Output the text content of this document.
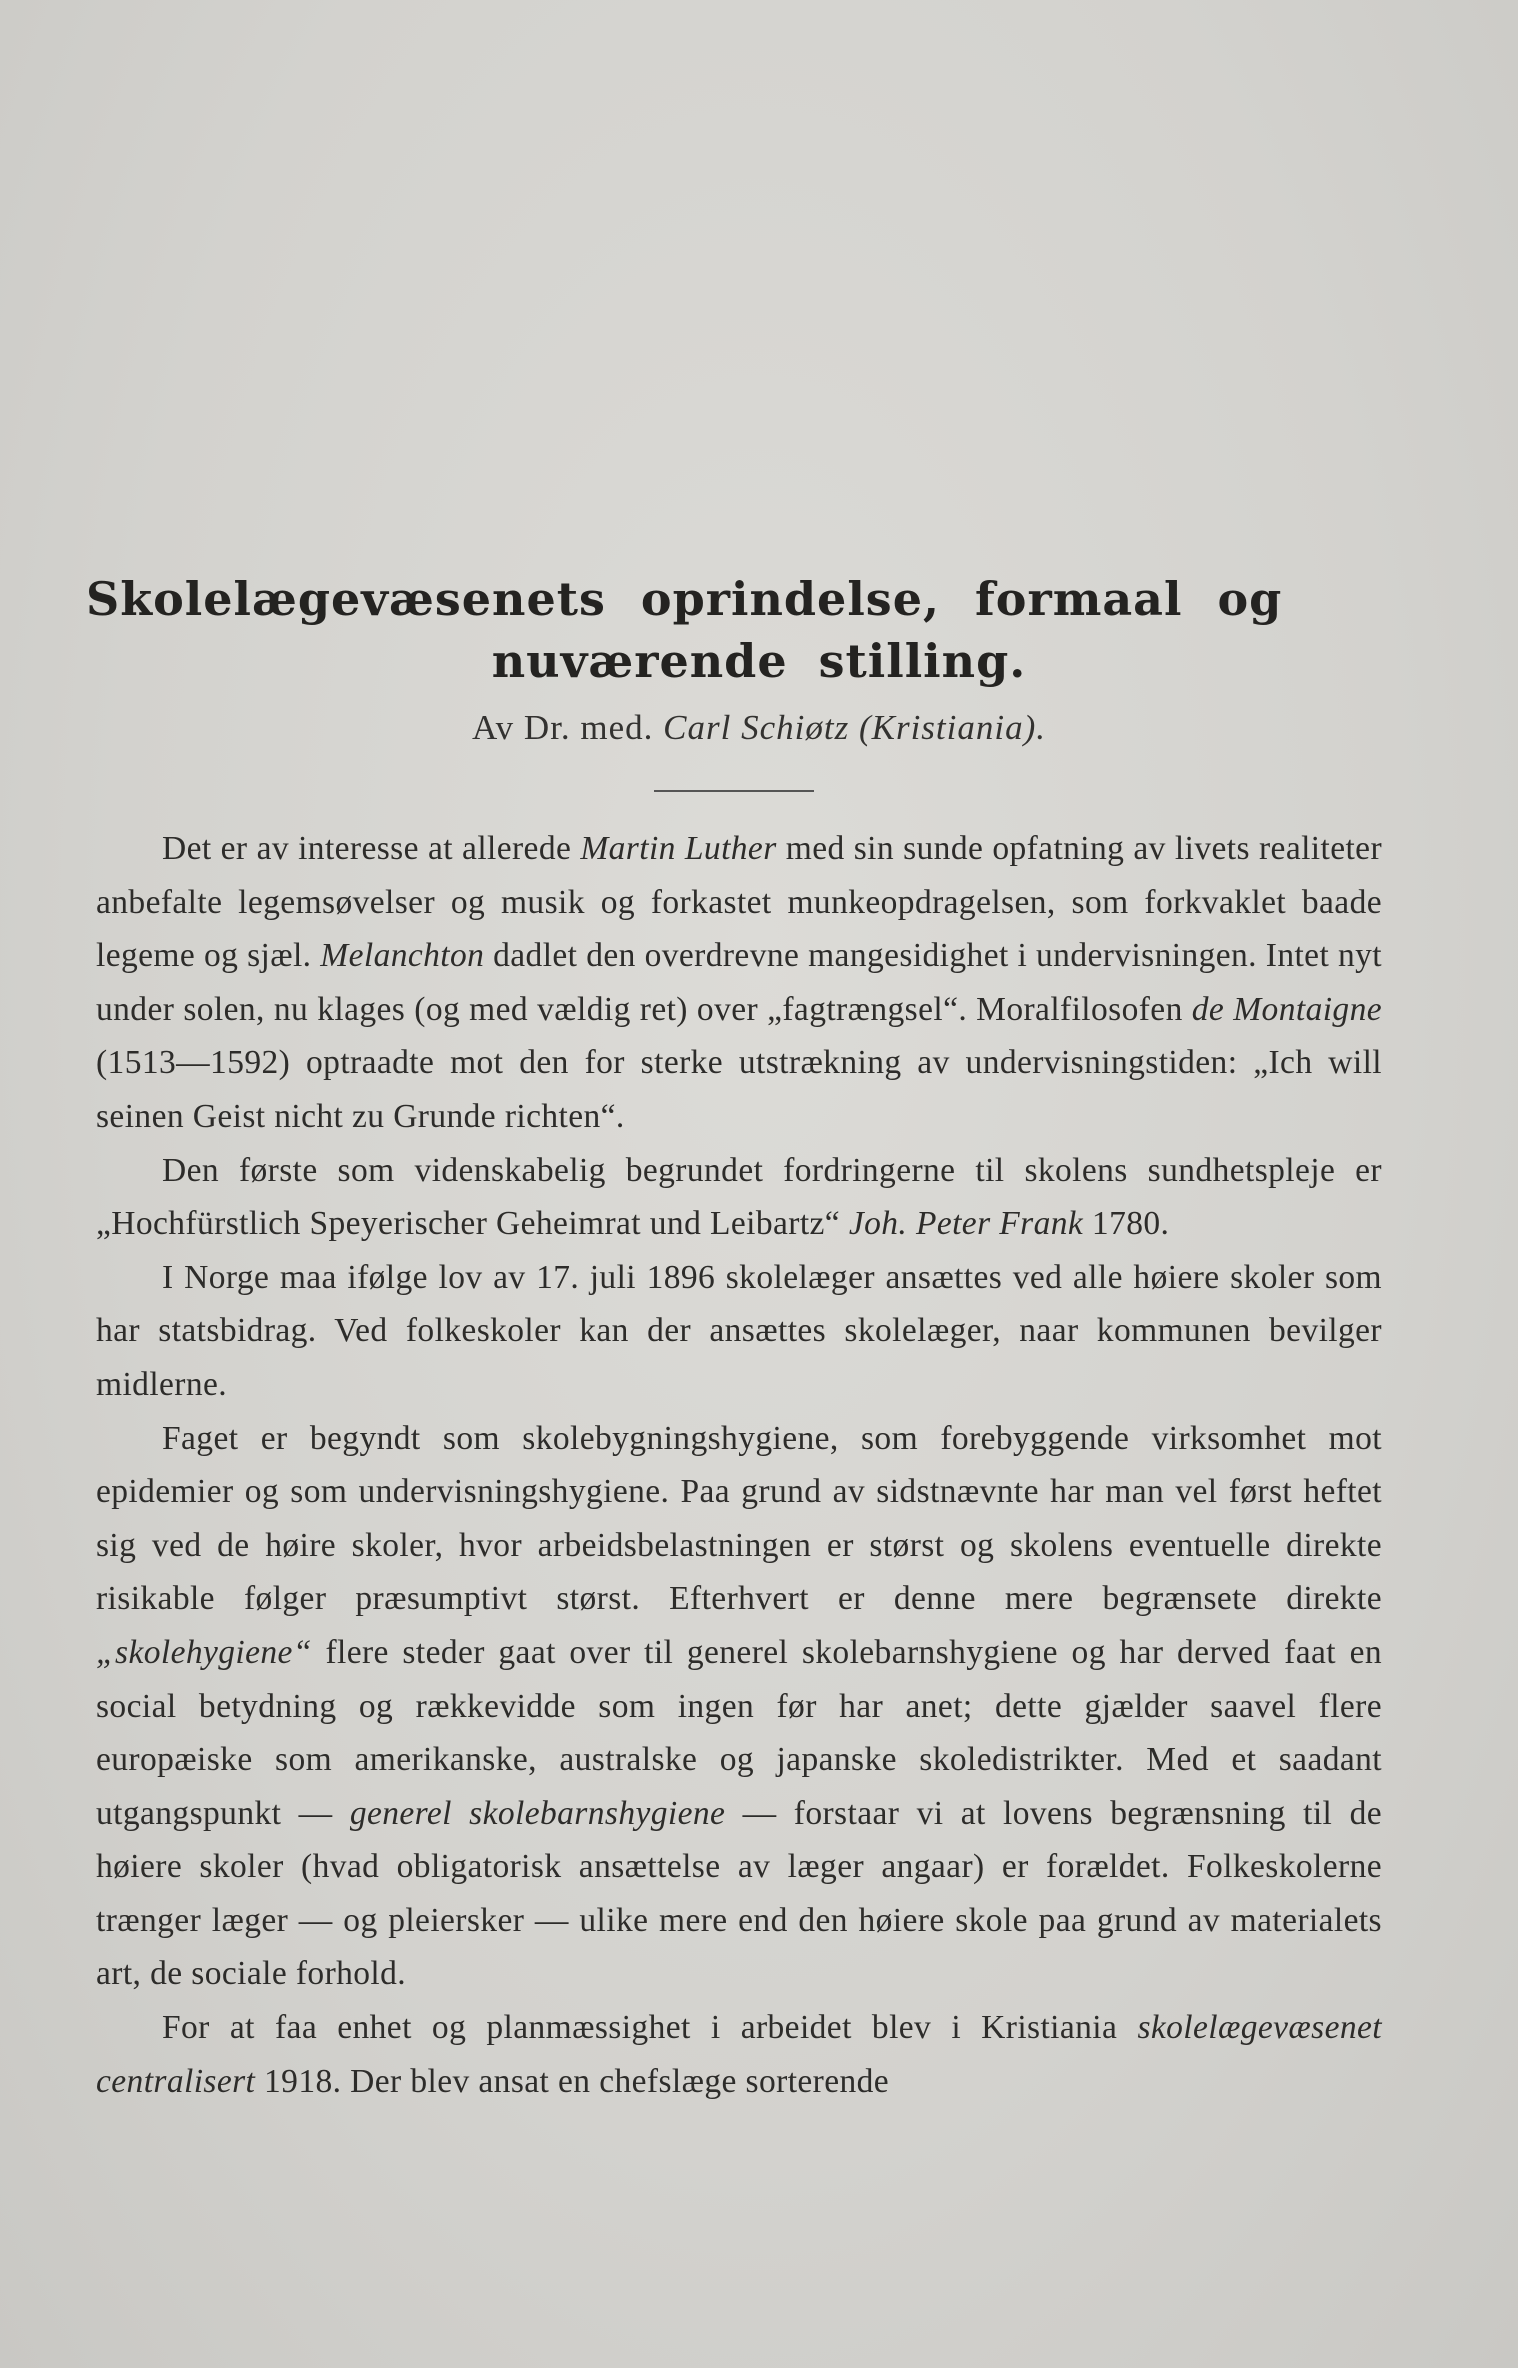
Skolelægevæsenets oprindelse, formaal og
nuværende stilling.
Av Dr. med. Carl Schiøtz (Kristiania).

Det er av interesse at allerede Martin Luther med sin sunde opfatning av livets realiteter anbefalte legemsøvelser og musik og forkastet munkeopdragelsen, som forkvaklet baade legeme og sjæl. Melanchton dadlet den overdrevne mangesidighet i undervisningen. Intet nyt under solen, nu klages (og med vældig ret) over „fagtrængsel“. Moralfilosofen de Montaigne (1513—1592) optraadte mot den for sterke utstrækning av undervisningstiden: „Ich will seinen Geist nicht zu Grunde richten“.

Den første som videnskabelig begrundet fordringerne til skolens sundhetspleje er „Hochfürstlich Speyerischer Geheimrat und Leibartz“ Joh. Peter Frank 1780.

I Norge maa ifølge lov av 17. juli 1896 skolelæger ansættes ved alle høiere skoler som har statsbidrag. Ved folkeskoler kan der ansættes skolelæger, naar kommunen bevilger midlerne.

Faget er begyndt som skolebygningshygiene, som forebyggende virksomhet mot epidemier og som undervisningshygiene. Paa grund av sidstnævnte har man vel først heftet sig ved de høire skoler, hvor arbeidsbelastningen er størst og skolens eventuelle direkte risikable følger præsumptivt størst. Efterhvert er denne mere begrænsete direkte „skolehygiene“ flere steder gaat over til generel skolebarnshygiene og har derved faat en social betydning og rækkevidde som ingen før har anet; dette gjælder saavel flere europæiske som amerikanske, australske og japanske skoledistrikter. Med et saadant utgangspunkt — generel skolebarnshygiene — forstaar vi at lovens begrænsning til de høiere skoler (hvad obligatorisk ansættelse av læger angaar) er forældet. Folkeskolerne trænger læger — og pleiersker — ulike mere end den høiere skole paa grund av materialets art, de sociale forhold.

For at faa enhet og planmæssighet i arbeidet blev i Kristiania skolelægevæsenet centralisert 1918. Der blev ansat en chefslæge sorterende
